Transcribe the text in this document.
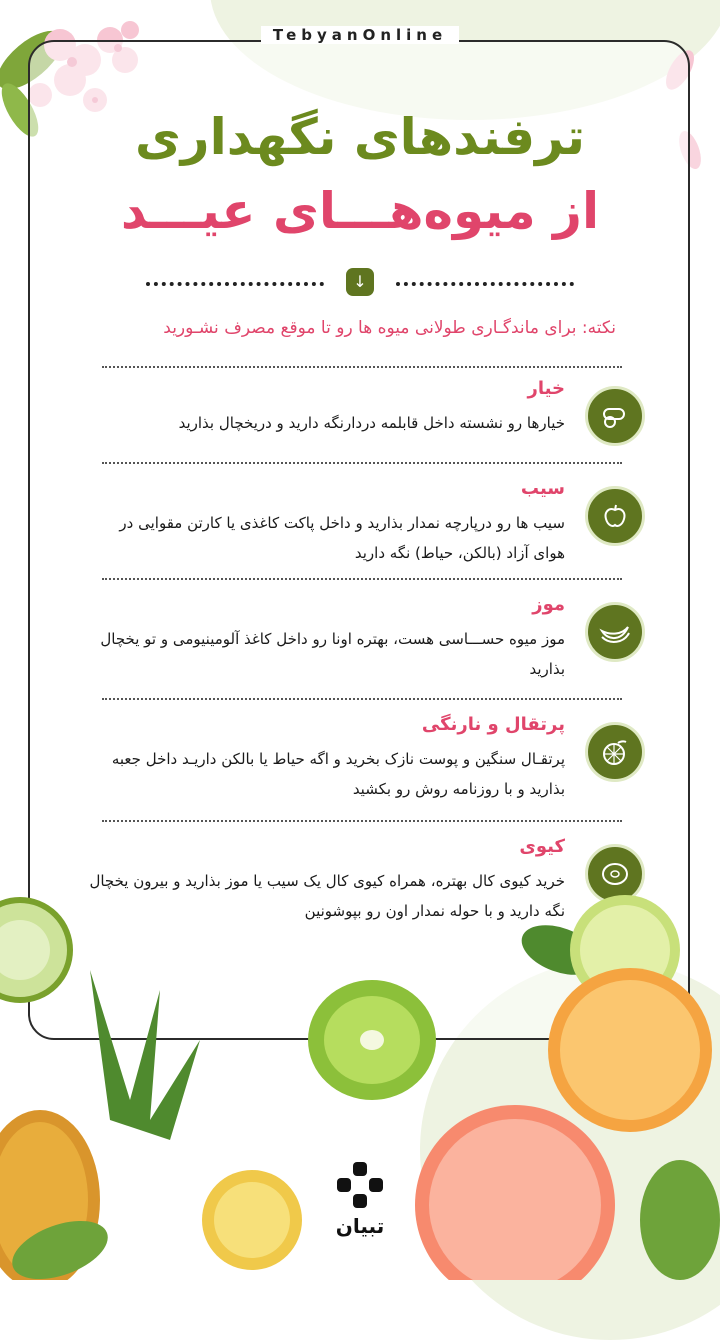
TebyanOnline
ترفندهای نگهداری
از میوه‌هـــای عیـــد
↓
نکته: برای ماندگـاری طولانی میوه ها رو تا موقع مصرف نشـورید
خیار
خیارها رو نشسته داخل قابلمه دردارنگه دارید و دریخچال بذارید
سیب
سیب ها رو درپارچه نمدار بذارید و داخل پاکت کاغذی یا کارتن مقوایی در هوای آزاد (بالکن، حیاط) نگه دارید
موز
موز میوه حســـاسی هست، بهتره اونا رو داخل کاغذ آلومینیومی و تو یخچال بذارید
پرتقال و نارنگی
پرتقـال سنگین و پوست نازک بخرید و اگه حیاط یا بالکن داریـد داخل جعبه بذارید و با روزنامه روش رو بکشید
کیوی
خرید کیوی کال بهتره، همراه کیوی کال یک سیب یا موز بذارید و بیرون یخچال نگه دارید و با حوله نمدار اون رو بپوشونین
تبیان
